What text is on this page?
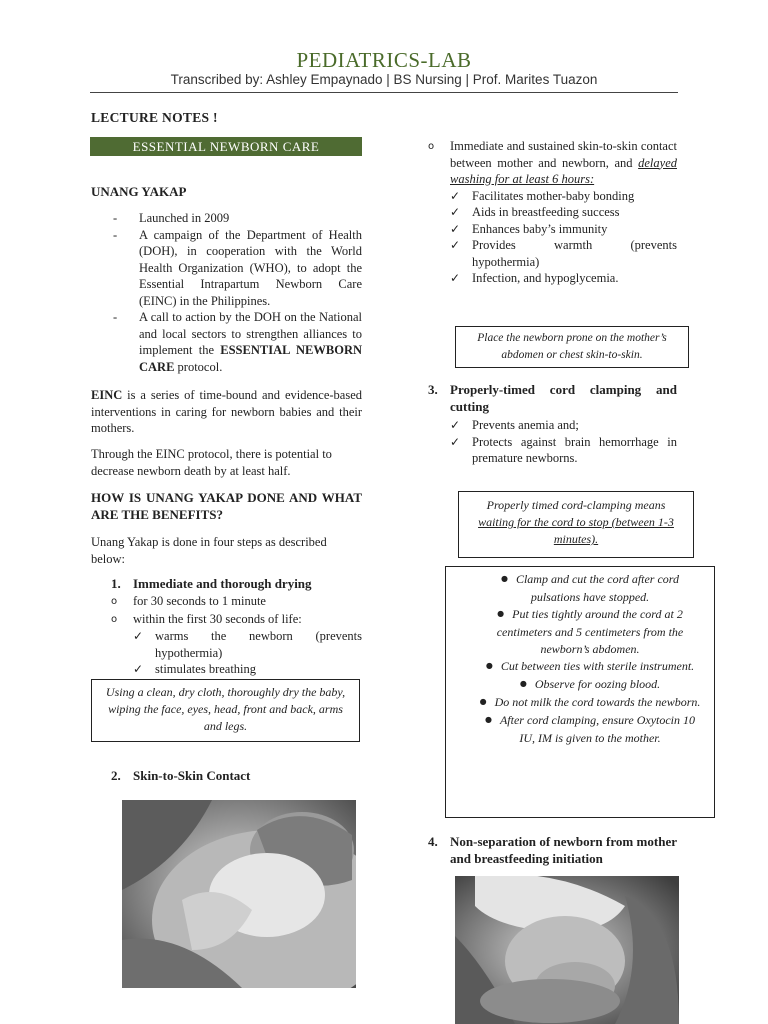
PEDIATRICS-LAB
Transcribed by: Ashley Empaynado | BS Nursing | Prof. Marites Tuazon
LECTURE NOTES !
ESSENTIAL NEWBORN CARE
UNANG YAKAP
-	Launched in 2009
-	A campaign of the Department of Health (DOH), in cooperation with the World Health Organization (WHO), to adopt the Essential Intrapartum Newborn Care (EINC) in the Philippines.
-	A call to action by the DOH on the National and local sectors to strengthen alliances to implement the ESSENTIAL NEWBORN CARE protocol.
EINC is a series of time-bound and evidence-based interventions in caring for newborn babies and their mothers.
Through the EINC protocol, there is potential to decrease newborn death by at least half.
HOW IS UNANG YAKAP DONE AND WHAT ARE THE BENEFITS?
Unang Yakap is done in four steps as described below:
1. Immediate and thorough drying
o	for 30 seconds to 1 minute
o	within the first 30 seconds of life:
✓ warms the newborn (prevents hypothermia)
✓ stimulates breathing
Using a clean, dry cloth, thoroughly dry the baby, wiping the face, eyes, head, front and back, arms and legs.
2. Skin-to-Skin Contact
o	Immediate and sustained skin-to-skin contact between mother and newborn, and delayed washing for at least 6 hours:
✓ Facilitates mother-baby bonding
✓ Aids in breastfeeding success
✓ Enhances baby’s immunity
✓ Provides warmth (prevents hypothermia)
✓ Infection, and hypoglycemia.
Place the newborn prone on the mother’s abdomen or chest skin-to-skin.
3. Properly-timed cord clamping and cutting
✓ Prevents anemia and;
✓ Protects against brain hemorrhage in premature newborns.
Properly timed cord-clamping means waiting for the cord to stop (between 1-3 minutes).
● Clamp and cut the cord after cord pulsations have stopped.
● Put ties tightly around the cord at 2 centimeters and 5 centimeters from the newborn’s abdomen.
● Cut between ties with sterile instrument.
● Observe for oozing blood.
● Do not milk the cord towards the newborn.
● After cord clamping, ensure Oxytocin 10 IU, IM is given to the mother.
4. Non-separation of newborn from mother and breastfeeding initiation
